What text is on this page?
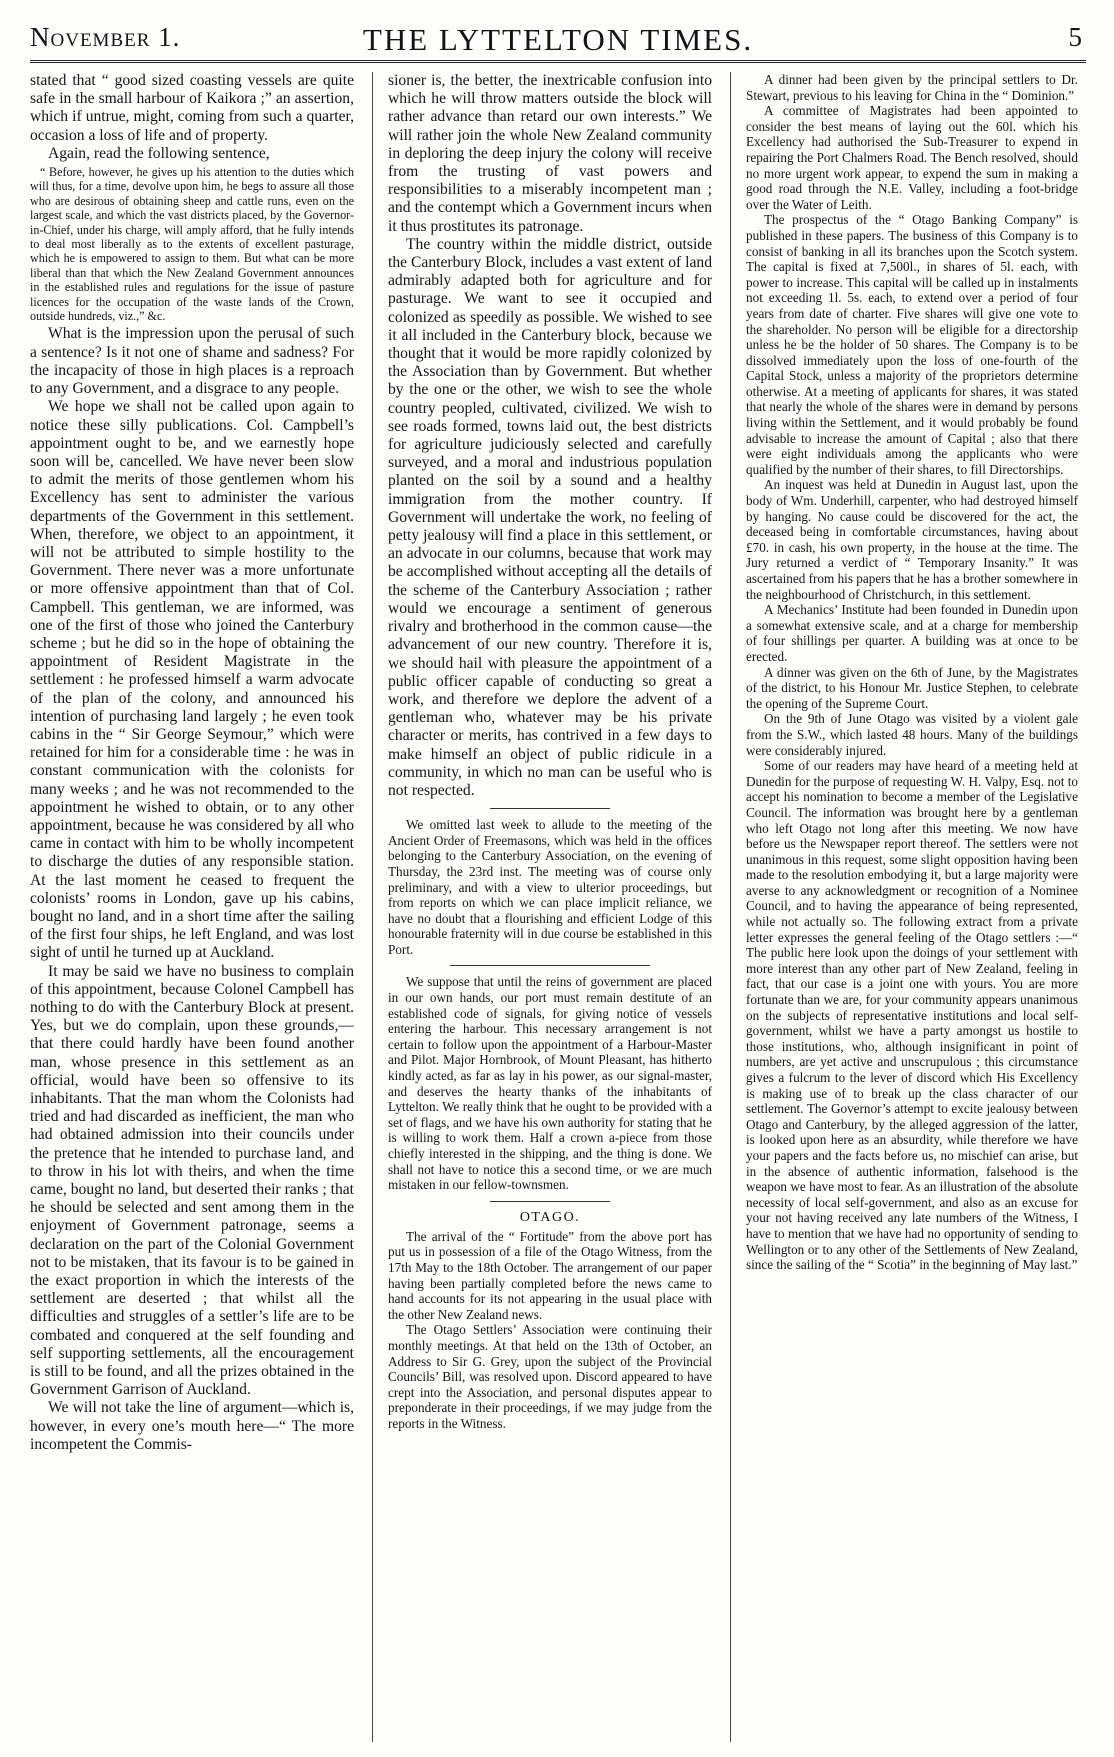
November 1.	THE LYTTELTON TIMES.	5

stated that “ good sized coasting vessels are quite safe in the small harbour of Kaikora ;” an assertion, which if untrue, might, coming from such a quarter, occasion a loss of life and of property.

Again, read the following sentence,

“ Before, however, he gives up his attention to the duties which will thus, for a time, devolve upon him, he begs to assure all those who are desirous of obtaining sheep and cattle runs, even on the largest scale, and which the vast districts placed, by the Governor-in-Chief, under his charge, will amply afford, that he fully intends to deal most liberally as to the extents of excellent pasturage, which he is empowered to assign to them. But what can be more liberal than that which the New Zealand Government announces in the established rules and regulations for the issue of pasture licences for the occupation of the waste lands of the Crown, outside hundreds, viz.,” &c.

What is the impression upon the perusal of such a sentence? Is it not one of shame and sadness? For the incapacity of those in high places is a reproach to any Government, and a disgrace to any people.

We hope we shall not be called upon again to notice these silly publications. Col. Campbell’s appointment ought to be, and we earnestly hope soon will be, cancelled. We have never been slow to admit the merits of those gentlemen whom his Excellency has sent to administer the various departments of the Government in this settlement. When, therefore, we object to an appointment, it will not be attributed to simple hostility to the Government. There never was a more unfortunate or more offensive appointment than that of Col. Campbell. This gentleman, we are informed, was one of the first of those who joined the Canterbury scheme ; but he did so in the hope of obtaining the appointment of Resident Magistrate in the settlement : he professed himself a warm advocate of the plan of the colony, and announced his intention of purchasing land largely ; he even took cabins in the “ Sir George Seymour,” which were retained for him for a considerable time : he was in constant communication with the colonists for many weeks ; and he was not recommended to the appointment he wished to obtain, or to any other appointment, because he was considered by all who came in contact with him to be wholly incompetent to discharge the duties of any responsible station. At the last moment he ceased to frequent the colonists’ rooms in London, gave up his cabins, bought no land, and in a short time after the sailing of the first four ships, he left England, and was lost sight of until he turned up at Auckland.

It may be said we have no business to complain of this appointment, because Colonel Campbell has nothing to do with the Canterbury Block at present. Yes, but we do complain, upon these grounds,—that there could hardly have been found another man, whose presence in this settlement as an official, would have been so offensive to its inhabitants. That the man whom the Colonists had tried and had discarded as inefficient, the man who had obtained admission into their councils under the pretence that he intended to purchase land, and to throw in his lot with theirs, and when the time came, bought no land, but deserted their ranks ; that he should be selected and sent among them in the enjoyment of Government patronage, seems a declaration on the part of the Colonial Government not to be mistaken, that its favour is to be gained in the exact proportion in which the interests of the settlement are deserted ; that whilst all the difficulties and struggles of a settler’s life are to be combated and conquered at the self founding and self supporting settlements, all the encouragement is still to be found, and all the prizes obtained in the Government Garrison of Auckland.

We will not take the line of argument—which is, however, in every one’s mouth here—“ The more incompetent the Commis-

sioner is, the better, the inextricable confusion into which he will throw matters outside the block will rather advance than retard our own interests.” We will rather join the whole New Zealand community in deploring the deep injury the colony will receive from the trusting of vast powers and responsibilities to a miserably incompetent man ; and the contempt which a Government incurs when it thus prostitutes its patronage.

The country within the middle district, outside the Canterbury Block, includes a vast extent of land admirably adapted both for agriculture and for pasturage. We want to see it occupied and colonized as speedily as possible. We wished to see it all included in the Canterbury block, because we thought that it would be more rapidly colonized by the Association than by Government. But whether by the one or the other, we wish to see the whole country peopled, cultivated, civilized. We wish to see roads formed, towns laid out, the best districts for agriculture judiciously selected and carefully surveyed, and a moral and industrious population planted on the soil by a sound and a healthy immigration from the mother country. If Government will undertake the work, no feeling of petty jealousy will find a place in this settlement, or an advocate in our columns, because that work may be accomplished without accepting all the details of the scheme of the Canterbury Association ; rather would we encourage a sentiment of generous rivalry and brotherhood in the common cause—the advancement of our new country. Therefore it is, we should hail with pleasure the appointment of a public officer capable of conducting so great a work, and therefore we deplore the advent of a gentleman who, whatever may be his private character or merits, has contrived in a few days to make himself an object of public ridicule in a community, in which no man can be useful who is not respected.

We omitted last week to allude to the meeting of the Ancient Order of Freemasons, which was held in the offices belonging to the Canterbury Association, on the evening of Thursday, the 23rd inst. The meeting was of course only preliminary, and with a view to ulterior proceedings, but from reports on which we can place implicit reliance, we have no doubt that a flourishing and efficient Lodge of this honourable fraternity will in due course be established in this Port.

We suppose that until the reins of government are placed in our own hands, our port must remain destitute of an established code of signals, for giving notice of vessels entering the harbour. This necessary arrangement is not certain to follow upon the appointment of a Harbour-Master and Pilot. Major Hornbrook, of Mount Pleasant, has hitherto kindly acted, as far as lay in his power, as our signal-master, and deserves the hearty thanks of the inhabitants of Lyttelton. We really think that he ought to be provided with a set of flags, and we have his own authority for stating that he is willing to work them. Half a crown a-piece from those chiefly interested in the shipping, and the thing is done. We shall not have to notice this a second time, or we are much mistaken in our fellow-townsmen.

OTAGO.

The arrival of the “ Fortitude” from the above port has put us in possession of a file of the Otago Witness, from the 17th May to the 18th October. The arrangement of our paper having been partially completed before the news came to hand accounts for its not appearing in the usual place with the other New Zealand news.

The Otago Settlers’ Association were continuing their monthly meetings. At that held on the 13th of October, an Address to Sir G. Grey, upon the subject of the Provincial Councils’ Bill, was resolved upon. Discord appeared to have crept into the Association, and personal disputes appear to preponderate in their proceedings, if we may judge from the reports in the Witness.

A dinner had been given by the principal settlers to Dr. Stewart, previous to his leaving for China in the “ Dominion.”

A committee of Magistrates had been appointed to consider the best means of laying out the 60l. which his Excellency had authorised the Sub-Treasurer to expend in repairing the Port Chalmers Road. The Bench resolved, should no more urgent work appear, to expend the sum in making a good road through the N.E. Valley, including a foot-bridge over the Water of Leith.

The prospectus of the “ Otago Banking Company” is published in these papers. The business of this Company is to consist of banking in all its branches upon the Scotch system. The capital is fixed at 7,500l., in shares of 5l. each, with power to increase. This capital will be called up in instalments not exceeding 1l. 5s. each, to extend over a period of four years from date of charter. Five shares will give one vote to the shareholder. No person will be eligible for a directorship unless he be the holder of 50 shares. The Company is to be dissolved immediately upon the loss of one-fourth of the Capital Stock, unless a majority of the proprietors determine otherwise. At a meeting of applicants for shares, it was stated that nearly the whole of the shares were in demand by persons living within the Settlement, and it would probably be found advisable to increase the amount of Capital ; also that there were eight individuals among the applicants who were qualified by the number of their shares, to fill Directorships.

An inquest was held at Dunedin in August last, upon the body of Wm. Underhill, carpenter, who had destroyed himself by hanging. No cause could be discovered for the act, the deceased being in comfortable circumstances, having about £70. in cash, his own property, in the house at the time. The Jury returned a verdict of “ Temporary Insanity.” It was ascertained from his papers that he has a brother somewhere in the neighbourhood of Christchurch, in this settlement.

A Mechanics’ Institute had been founded in Dunedin upon a somewhat extensive scale, and at a charge for membership of four shillings per quarter. A building was at once to be erected.

A dinner was given on the 6th of June, by the Magistrates of the district, to his Honour Mr. Justice Stephen, to celebrate the opening of the Supreme Court.

On the 9th of June Otago was visited by a violent gale from the S.W., which lasted 48 hours. Many of the buildings were considerably injured.

Some of our readers may have heard of a meeting held at Dunedin for the purpose of requesting W. H. Valpy, Esq. not to accept his nomination to become a member of the Legislative Council. The information was brought here by a gentleman who left Otago not long after this meeting. We now have before us the Newspaper report thereof. The settlers were not unanimous in this request, some slight opposition having been made to the resolution embodying it, but a large majority were averse to any acknowledgment or recognition of a Nominee Council, and to having the appearance of being represented, while not actually so. The following extract from a private letter expresses the general feeling of the Otago settlers :—“ The public here look upon the doings of your settlement with more interest than any other part of New Zealand, feeling in fact, that our case is a joint one with yours. You are more fortunate than we are, for your community appears unanimous on the subjects of representative institutions and local self-government, whilst we have a party amongst us hostile to those institutions, who, although insignificant in point of numbers, are yet active and unscrupulous ; this circumstance gives a fulcrum to the lever of discord which His Excellency is making use of to break up the class character of our settlement. The Governor’s attempt to excite jealousy between Otago and Canterbury, by the alleged aggression of the latter, is looked upon here as an absurdity, while therefore we have your papers and the facts before us, no mischief can arise, but in the absence of authentic information, falsehood is the weapon we have most to fear. As an illustration of the absolute necessity of local self-government, and also as an excuse for your not having received any late numbers of the Witness, I have to mention that we have had no opportunity of sending to Wellington or to any other of the Settlements of New Zealand, since the sailing of the “ Scotia” in the beginning of May last.”
